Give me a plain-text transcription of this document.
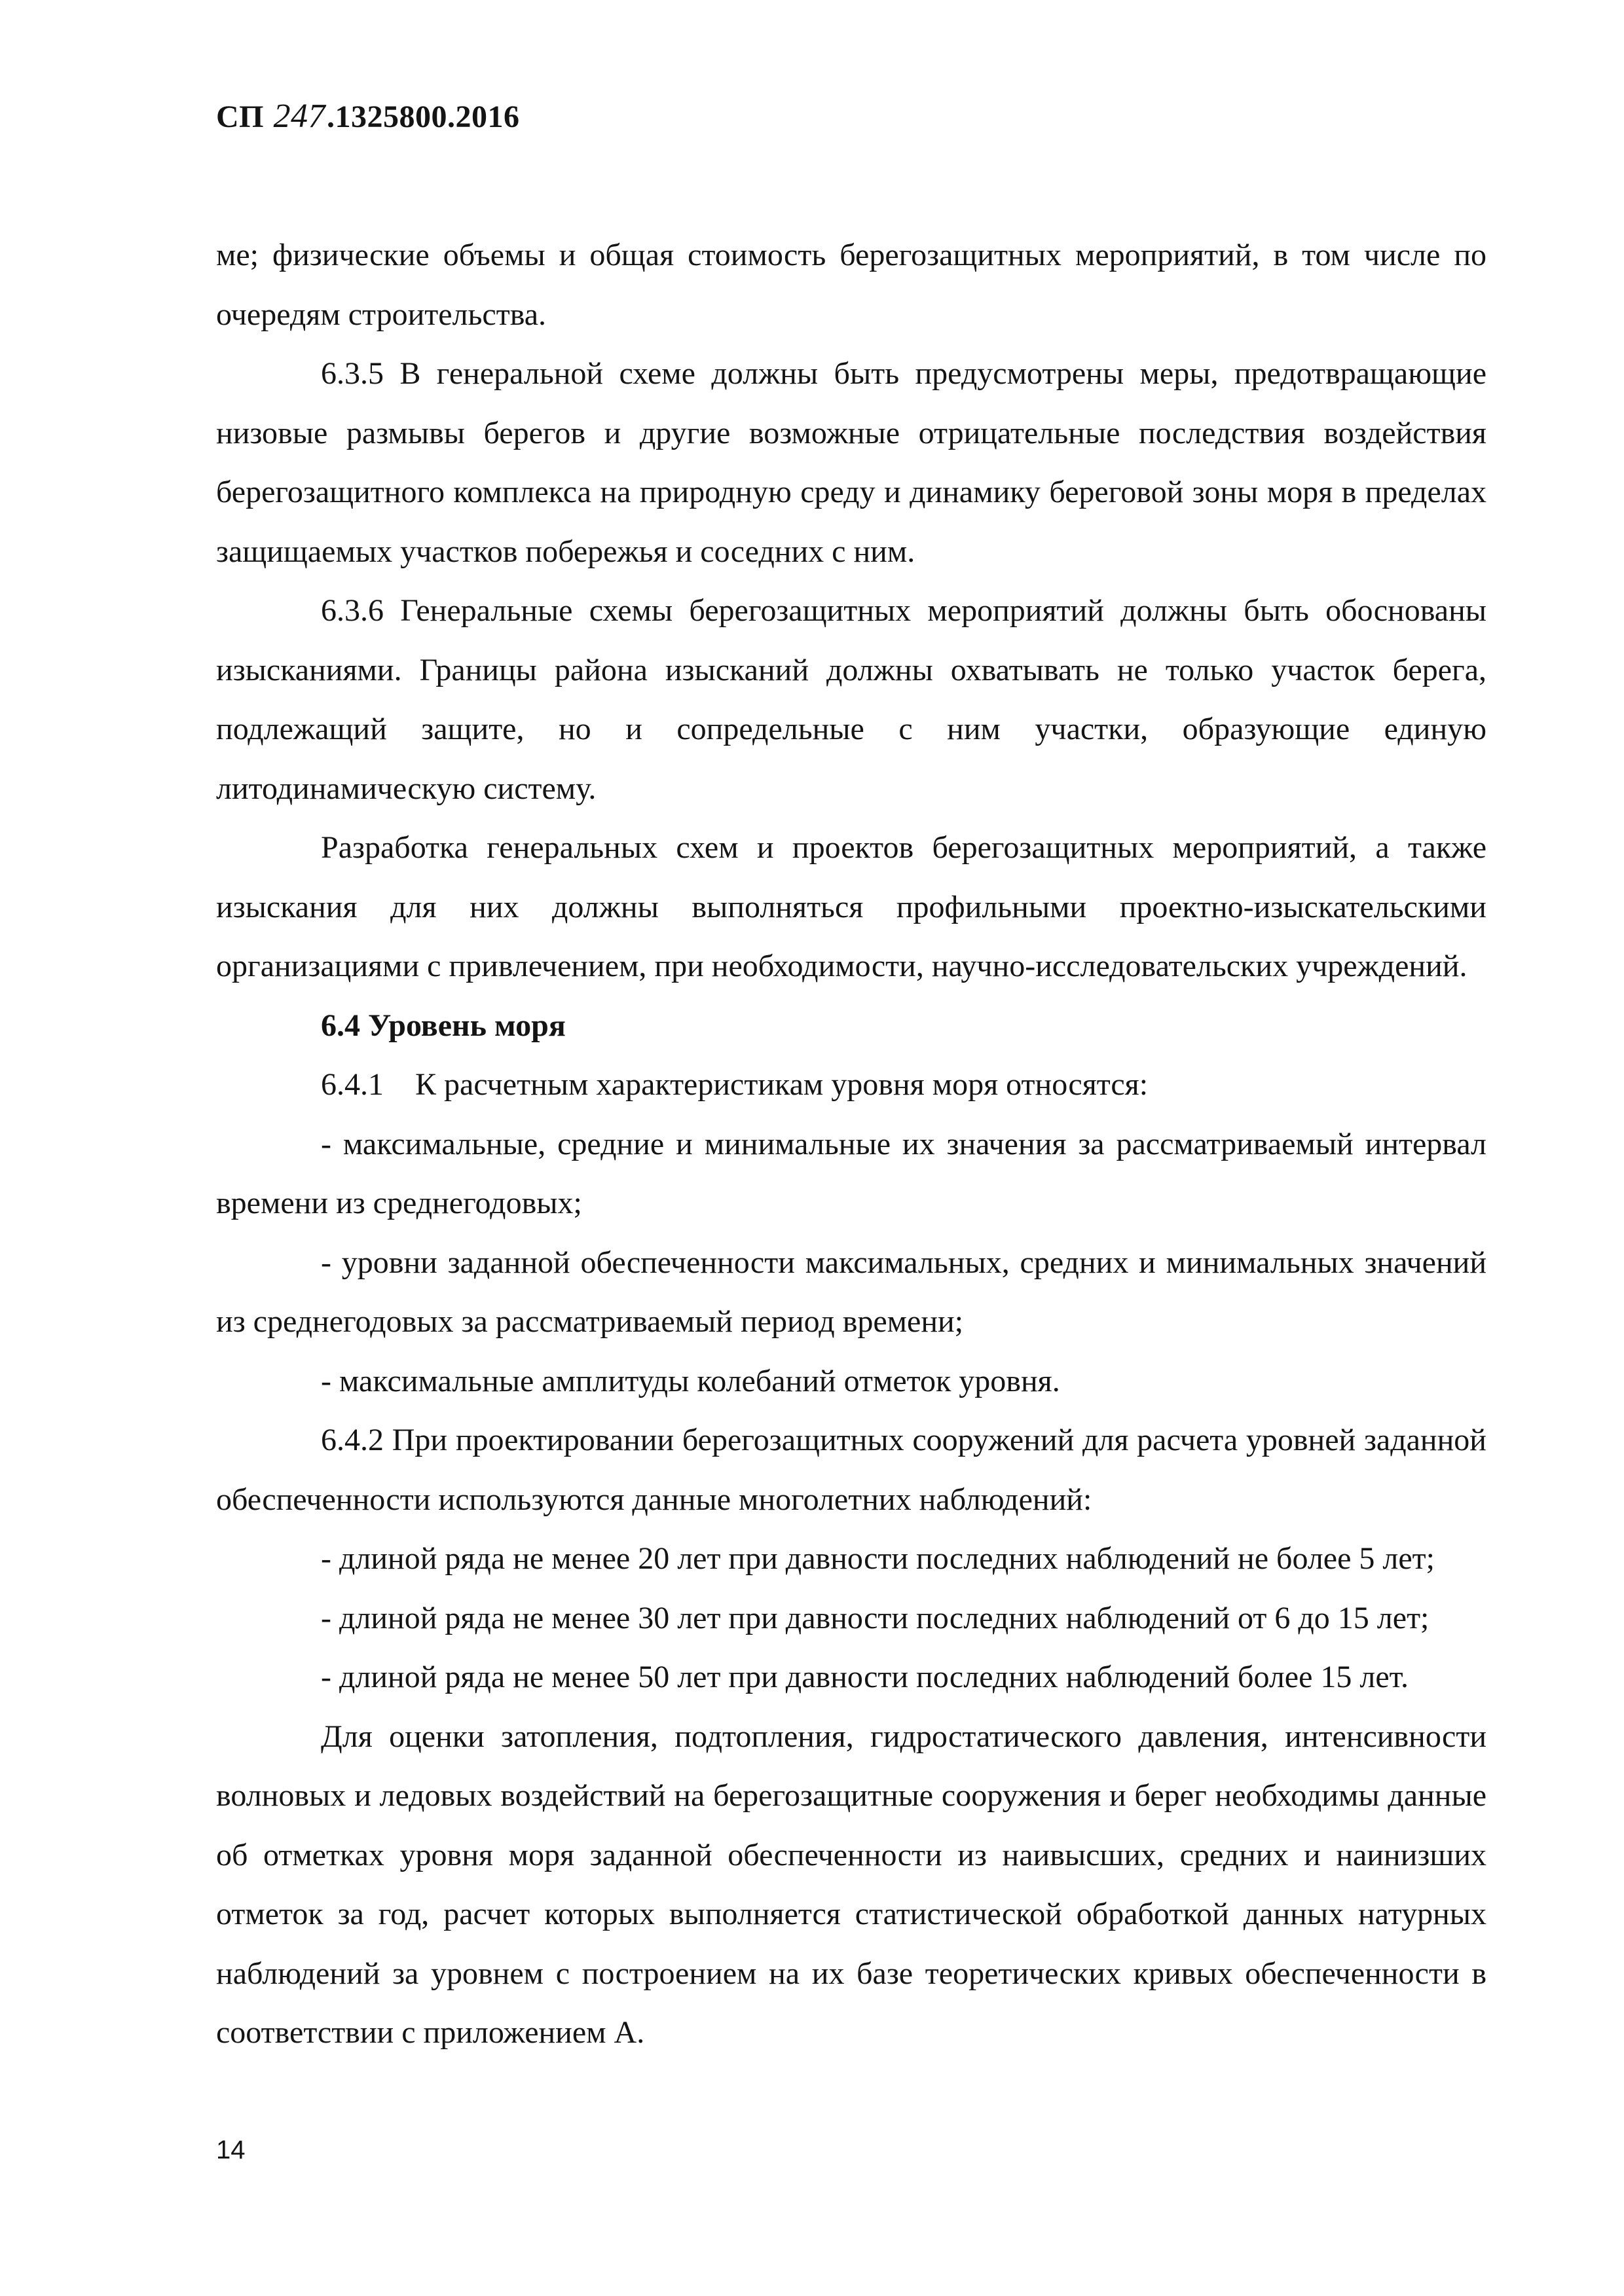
СП 247.1325800.2016

ме; физические объемы и общая стоимость берегозащитных мероприятий, в том числе по очередям строительства.

6.3.5 В генеральной схеме должны быть предусмотрены меры, предотвращающие низовые размывы берегов и другие возможные отрицательные последствия воздействия берегозащитного комплекса на природную среду и динамику береговой зоны моря в пределах защищаемых участков побережья и соседних с ним.

6.3.6 Генеральные схемы берегозащитных мероприятий должны быть обоснованы изысканиями. Границы района изысканий должны охватывать не только участок берега, подлежащий защите, но и сопредельные с ним участки, образующие единую литодинамическую систему.

Разработка генеральных схем и проектов берегозащитных мероприятий, а также изыскания для них должны выполняться профильными проектно-изыскательскими организациями с привлечением, при необходимости, научно-исследовательских учреждений.

6.4 Уровень моря

6.4.1    К расчетным характеристикам уровня моря относятся:

- максимальные, средние и минимальные их значения за рассматриваемый интервал времени из среднегодовых;

- уровни заданной обеспеченности максимальных, средних и минимальных значений из среднегодовых за рассматриваемый период времени;

- максимальные амплитуды колебаний отметок уровня.

6.4.2 При проектировании берегозащитных сооружений для расчета уровней заданной обеспеченности используются данные многолетних наблюдений:

- длиной ряда не менее 20 лет при давности последних наблюдений не более 5 лет;

- длиной ряда не менее 30 лет при давности последних наблюдений от 6 до 15 лет;

- длиной ряда не менее 50 лет при давности последних наблюдений более 15 лет.

Для оценки затопления, подтопления, гидростатического давления, интенсивности волновых и ледовых воздействий на берегозащитные сооружения и берег необходимы данные об отметках уровня моря заданной обеспеченности из наивысших, средних и наинизших отметок за год, расчет которых выполняется статистической обработкой данных натурных наблюдений за уровнем с построением на их базе теоретических кривых обеспеченности в соответствии с приложением А.

14
